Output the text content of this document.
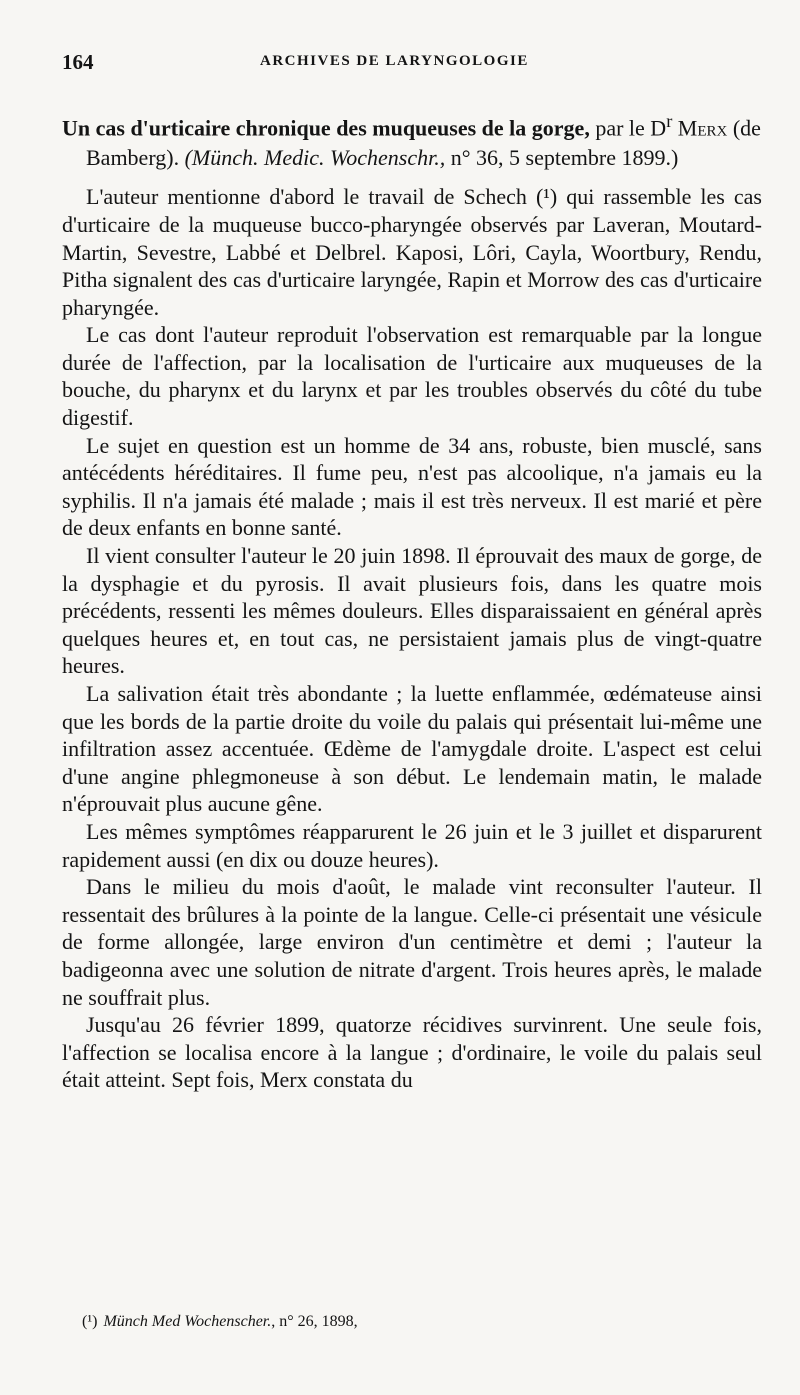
164	ARCHIVES DE LARYNGOLOGIE

Un cas d'urticaire chronique des muqueuses de la gorge, par le $D^r$ Merx (de Bamberg). (Münch. Medic. Wochenschr., n° 36, 5 septembre 1899.)

L'auteur mentionne d'abord le travail de Schech (¹) qui rassemble les cas d'urticaire de la muqueuse bucco-pharyngée observés par Laveran, Moutard-Martin, Sevestre, Labbé et Delbrel. Kaposi, Lôri, Cayla, Woortbury, Rendu, Pitha signalent des cas d'urticaire laryngée, Rapin et Morrow des cas d'urticaire pharyngée.

Le cas dont l'auteur reproduit l'observation est remarquable par la longue durée de l'affection, par la localisation de l'urticaire aux muqueuses de la bouche, du pharynx et du larynx et par les troubles observés du côté du tube digestif.

Le sujet en question est un homme de 34 ans, robuste, bien musclé, sans antécédents héréditaires. Il fume peu, n'est pas alcoolique, n'a jamais eu la syphilis. Il n'a jamais été malade ; mais il est très nerveux. Il est marié et père de deux enfants en bonne santé.

Il vient consulter l'auteur le 20 juin 1898. Il éprouvait des maux de gorge, de la dysphagie et du pyrosis. Il avait plusieurs fois, dans les quatre mois précédents, ressenti les mêmes douleurs. Elles disparaissaient en général après quelques heures et, en tout cas, ne persistaient jamais plus de vingt-quatre heures.

La salivation était très abondante ; la luette enflammée, œdémateuse ainsi que les bords de la partie droite du voile du palais qui présentait lui-même une infiltration assez accentuée. Œdème de l'amygdale droite. L'aspect est celui d'une angine phlegmoneuse à son début. Le lendemain matin, le malade n'éprouvait plus aucune gêne.

Les mêmes symptômes réapparurent le 26 juin et le 3 juillet et disparurent rapidement aussi (en dix ou douze heures).

Dans le milieu du mois d'août, le malade vint reconsulter l'auteur. Il ressentait des brûlures à la pointe de la langue. Celle-ci présentait une vésicule de forme allongée, large environ d'un centimètre et demi ; l'auteur la badigeonna avec une solution de nitrate d'argent. Trois heures après, le malade ne souffrait plus.

Jusqu'au 26 février 1899, quatorze récidives survinrent. Une seule fois, l'affection se localisa encore à la langue ; d'ordinaire, le voile du palais seul était atteint. Sept fois, Merx constata du

(¹) Münch Med Wochenscher., n° 26, 1898,
